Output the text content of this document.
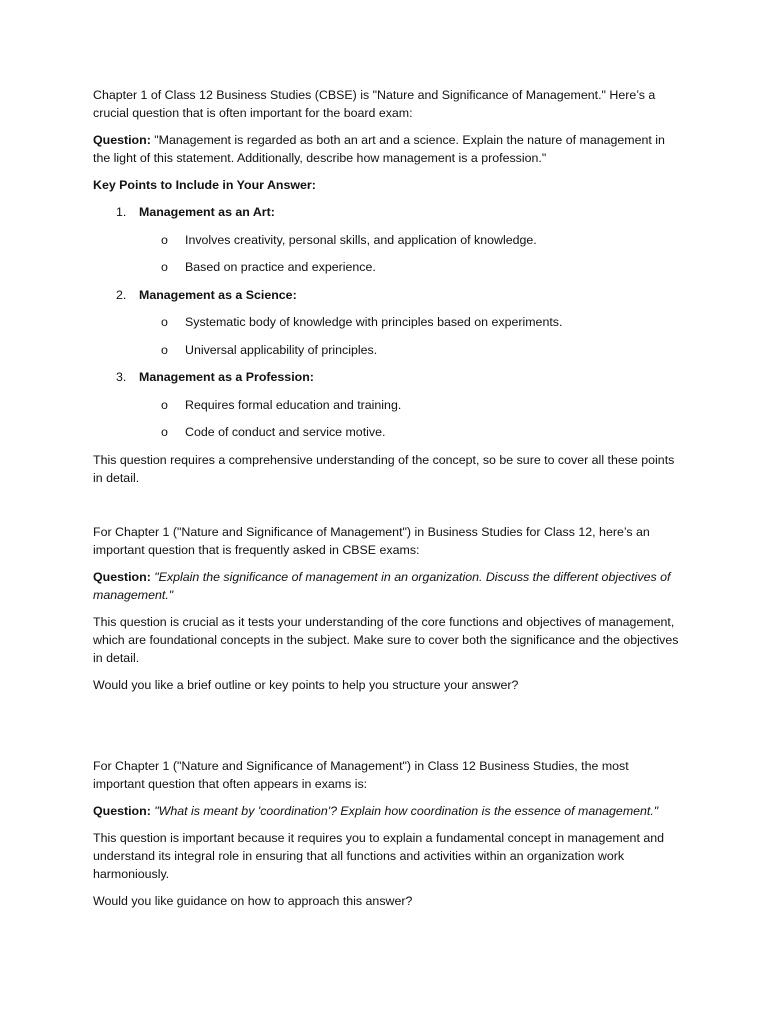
Chapter 1 of Class 12 Business Studies (CBSE) is "Nature and Significance of Management." Here’s a crucial question that is often important for the board exam:

Question: "Management is regarded as both an art and a science. Explain the nature of management in the light of this statement. Additionally, describe how management is a profession."

Key Points to Include in Your Answer:

1. Management as an Art:
o Involves creativity, personal skills, and application of knowledge.
o Based on practice and experience.
2. Management as a Science:
o Systematic body of knowledge with principles based on experiments.
o Universal applicability of principles.
3. Management as a Profession:
o Requires formal education and training.
o Code of conduct and service motive.

This question requires a comprehensive understanding of the concept, so be sure to cover all these points in detail.

For Chapter 1 ("Nature and Significance of Management") in Business Studies for Class 12, here’s an important question that is frequently asked in CBSE exams:

Question: "Explain the significance of management in an organization. Discuss the different objectives of management."

This question is crucial as it tests your understanding of the core functions and objectives of management, which are foundational concepts in the subject. Make sure to cover both the significance and the objectives in detail.

Would you like a brief outline or key points to help you structure your answer?

For Chapter 1 ("Nature and Significance of Management") in Class 12 Business Studies, the most important question that often appears in exams is:

Question: "What is meant by 'coordination'? Explain how coordination is the essence of management."

This question is important because it requires you to explain a fundamental concept in management and understand its integral role in ensuring that all functions and activities within an organization work harmoniously.

Would you like guidance on how to approach this answer?
